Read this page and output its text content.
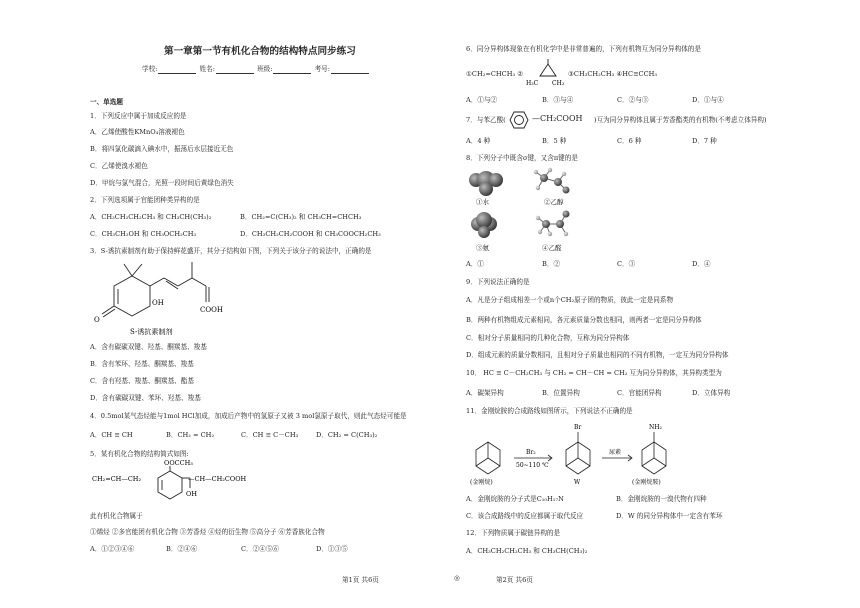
第一章第一节有机化合物的结构特点同步练习
学校:	姓名:	班级:	考号:
一、单选题
1．下列反应中属于加成反应的是
A．乙烯使酸性KMnO₄溶液褪色
B．将四氯化碳滴入碘水中，振荡后水层接近无色
C．乙烯使溴水褪色
D．甲烷与氯气混合，光照一段时间后黄绿色消失
2．下列选项属于官能团种类异构的是
A．CH₃CH₂CH₂CH₃ 和 CH₃CH(CH₃)₂	B．CH₂=C(CH₃)₂ 和 CH₃CH=CHCH₃
C．CH₃CH₂OH 和 CH₃OCH₂CH₃	D．CH₃CH₂CH₂COOH 和 CH₃COOCH₂CH₃
3．S-诱抗素制剂有助于保持鲜花盛开，其分子结构如下图，下列关于该分子的说法中，正确的是
OH
O
COOH
S-诱抗素制剂
A．含有碳碳双键、羟基、酮羰基、羧基
B．含有苯环、羟基、酮羰基、羧基
C．含有羟基、羧基、酮羰基、酯基
D．含有碳碳双键、苯环、羟基、羧基
4．0.5mol某气态烃能与1mol HCl加成，加成后产物中的氢原子又被 3 mol氯原子取代，则此气态烃可能是
A．CH ≡ CH	B．CH₂ = CH₂	C．CH ≡ C－CH₃	D．CH₂ = C(CH₃)₂
5．某有机化合物的结构简式如图:
OOCCH₃
CH₂=CH—CH₂
OH
—CH—CH₂COOH
此有机化合物属于
①烯烃 ②多官能团有机化合物 ③芳香烃 ④烃的衍生物 ⑤高分子 ⑥芳香族化合物
A．①②③④⑥	B．②④⑥	C．②④⑤⑥	D．①③⑤
6．同分异构体现象在有机化学中是非常普遍的，下列有机物互为同分异构体的是
①CH₂=CHCH₃ ②
H₃C CH₂
③CH₃CH₂CH₃ ④HC≡CCH₃
A．①与②	B．③与④	C．②与③	D．①与④
7．与苯乙酸(	—CH₂COOH )互为同分异构体且属于芳香酯类的有机物(不考虑立体异构)
A．4 种	B．5 种	C．6 种	D．7 种
8．下列分子中既含σ键，又含π键的是
①水	②乙醇
③氨	④乙醛
A．①	B．②	C．③	D．④
9．下列说法正确的是
A．凡是分子组成相差一个或n个CH₂原子团的物质，彼此一定是同系物
B．两种有机物组成元素相同，各元素质量分数也相同，则两者一定是同分异构体
C．相对分子质量相同的几种化合物，互称为同分异构体
D．组成元素的质量分数相同，且相对分子质量也相同的不同有机物，一定互为同分异构体
10． HC ≡ C－CH₂CH₃ 与 CH₂ = CH－CH = CH₂ 互为同分异构体，其异构类型为
A．碳架异构	B．位置异构	C．官能团异构	D．立体异构
11．金刚烷胺的合成路线如图所示，下列说法不正确的是
Br₂
50~110 ℃
Br
尿素
NH₂
(金刚烷)	W	(金刚烷胺)
A．金刚烷胺的分子式是C₁₀H₁₇N	B．金刚烷胺的一溴代物有四种
C．该合成路线中的反应都属于取代反应	D．W 的同分异构体中一定含有苯环
12．下列物质属于碳链异构的是
A．CH₃CH₂CH₂CH₃ 和 CH₃CH(CH₃)₂
第1页 共6页	◎	第2页 共6页
